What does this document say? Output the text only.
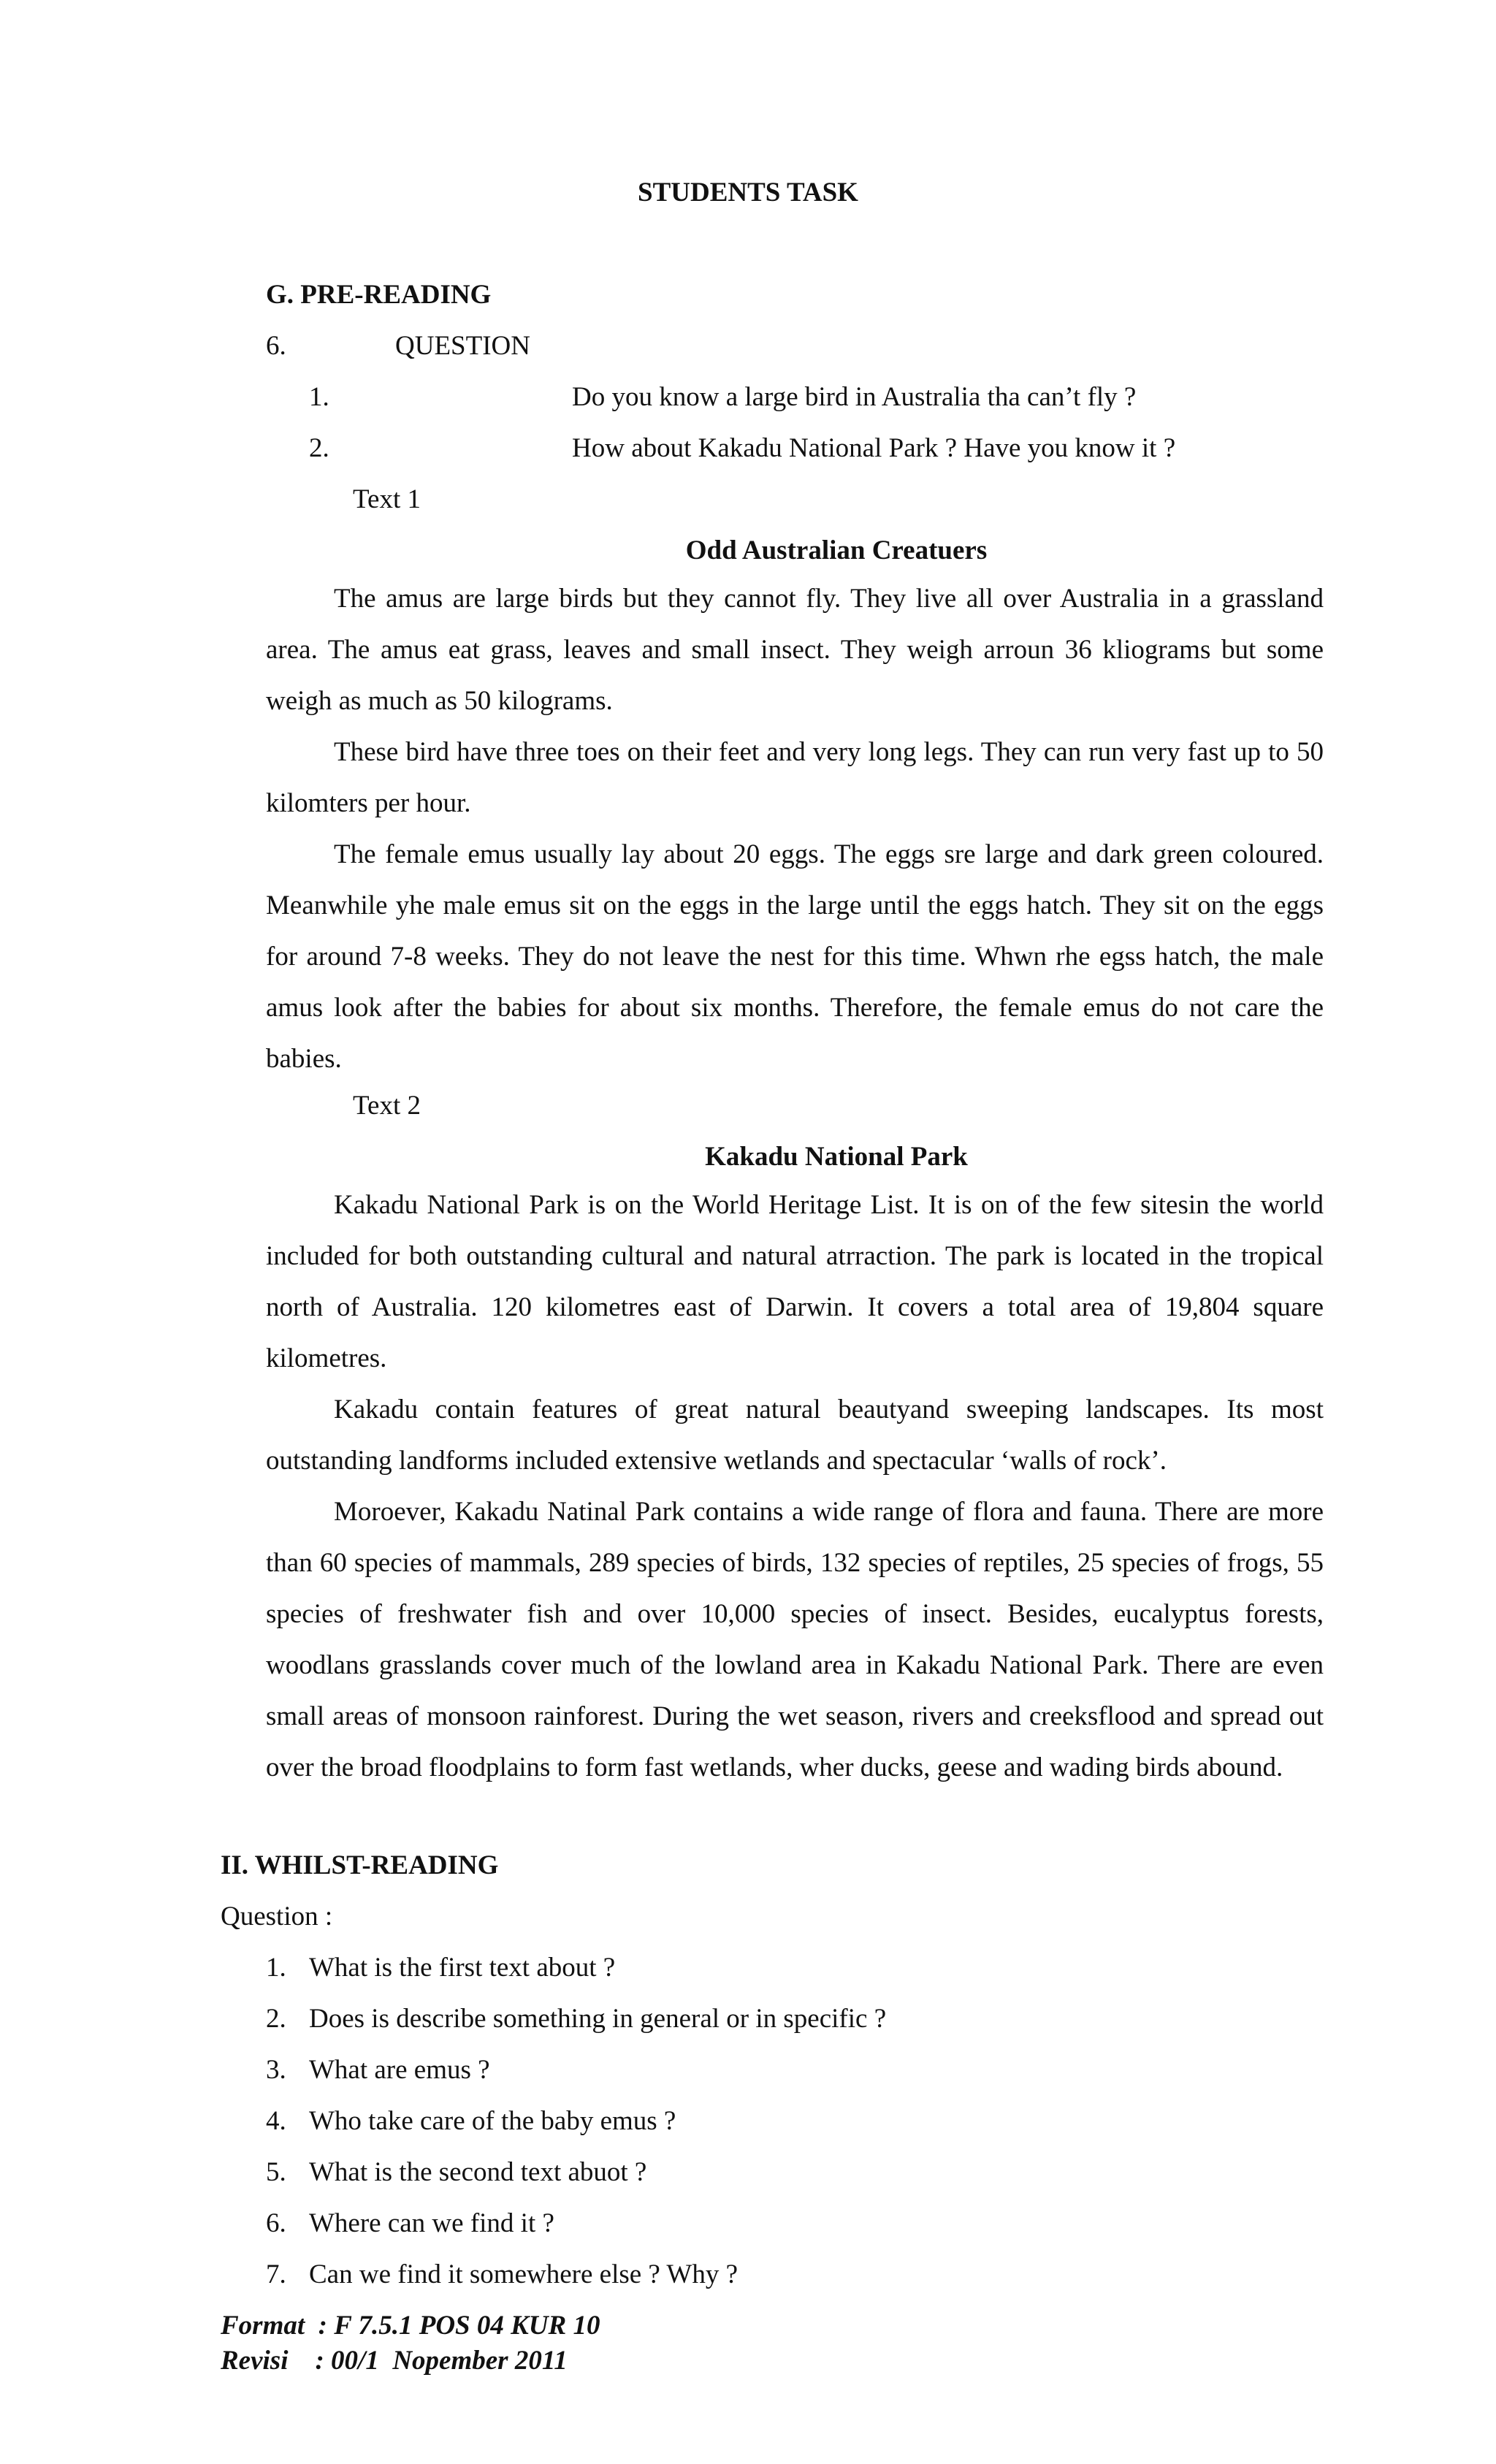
STUDENTS TASK
G. PRE-READING
6.	QUESTION
1.	Do you know a large bird in Australia tha can’t fly ?
2.	How about Kakadu National Park ? Have you know it ?
Text 1
Odd Australian Creatuers

The amus are large birds but they cannot fly. They live all over Australia in a grassland area. The amus eat grass, leaves and small insect. They weigh arroun 36 kliograms but some weigh as much as 50 kilograms.

These bird have three toes on their feet and very long legs. They can run very fast up to 50 kilomters per hour.

The female emus usually lay about 20 eggs. The eggs sre large and dark green coloured. Meanwhile yhe male emus sit on the eggs in the large until the eggs hatch. They sit on the eggs for around 7-8 weeks. They do not leave the nest for this time. Whwn rhe egss hatch, the male amus look after the babies for about six months. Therefore, the female emus do not care the babies.

Text 2
Kakadu National Park

Kakadu National Park is on the World Heritage List. It is on of the few sitesin the world included for both outstanding cultural and natural atrraction. The park is located in the tropical north of Australia. 120 kilometres east of Darwin. It covers a total area of 19,804 square kilometres.

Kakadu contain features of great natural beautyand sweeping landscapes. Its most outstanding landforms included extensive wetlands and spectacular ‘walls of rock’.

Moroever, Kakadu Natinal Park contains a wide range of flora and fauna. There are more than 60 species of mammals, 289 species of birds, 132 species of reptiles, 25 species of frogs, 55 species of freshwater fish and over 10,000 species of insect. Besides, eucalyptus forests, woodlans grasslands cover much of the lowland area in Kakadu National Park. There are even small areas of monsoon rainforest. During the wet season, rivers and creeksflood and spread out over the broad floodplains to form fast wetlands, wher ducks, geese and wading birds abound.

II. WHILST-READING
Question :
1. What is the first text about ?
2. Does is describe something in general or in specific ?
3. What are emus ?
4. Who take care of the baby emus ?
5. What is the second text abuot ?
6. Where can we find it ?
7. Can we find it somewhere else ? Why ?
Format  : F 7.5.1 POS 04 KUR 10
Revisi    : 00/1  Nopember 2011
